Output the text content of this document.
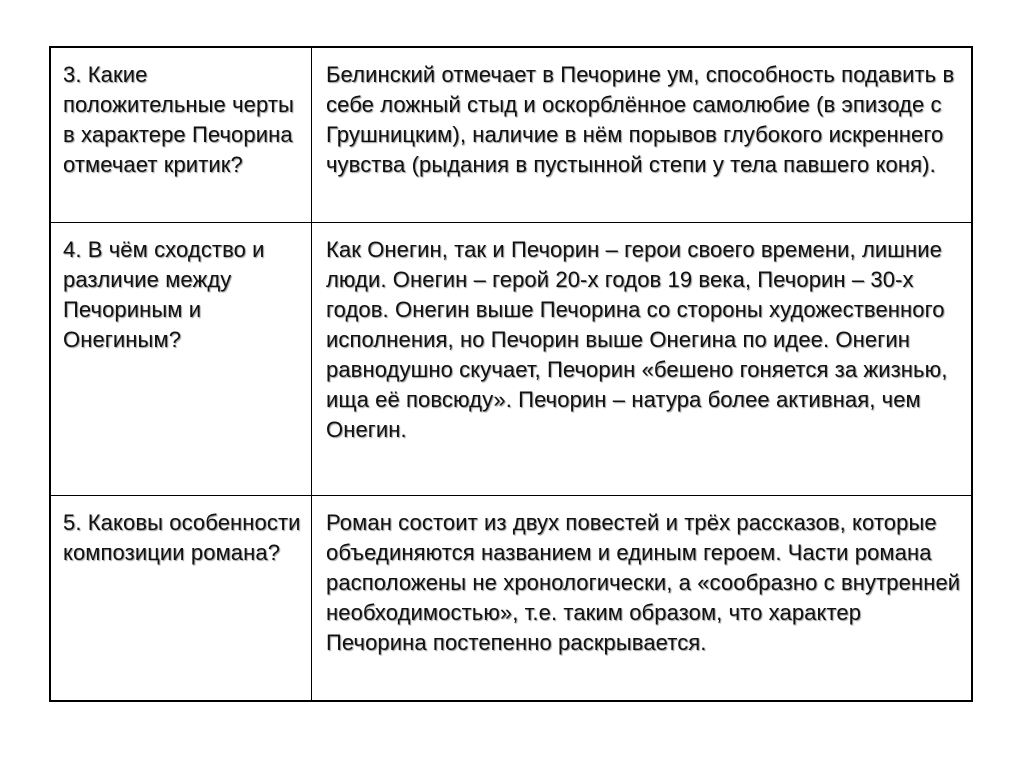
3. Какие положительные черты в характере Печорина отмечает критик?	Белинский отмечает в Печорине ум, способность подавить в себе ложный стыд и оскорблённое самолюбие (в эпизоде с Грушницким), наличие в нём порывов глубокого искреннего чувства (рыдания в пустынной степи у тела павшего коня).

4. В чём сходство и различие между Печориным и Онегиным?	Как Онегин, так и Печорин – герои своего времени, лишние люди. Онегин – герой 20-х годов 19 века, Печорин – 30-х годов. Онегин выше Печорина со стороны художественного исполнения, но Печорин выше Онегина по идее. Онегин равнодушно скучает, Печорин «бешено гоняется за жизнью, ища её повсюду». Печорин – натура более активная, чем Онегин.

5. Каковы особенности композиции романа?	Роман состоит из двух повестей и трёх рассказов, которые объединяются названием и единым героем. Части романа расположены не хронологически, а «сообразно с внутренней необходимостью», т.е. таким образом, что характер Печорина постепенно раскрывается.
